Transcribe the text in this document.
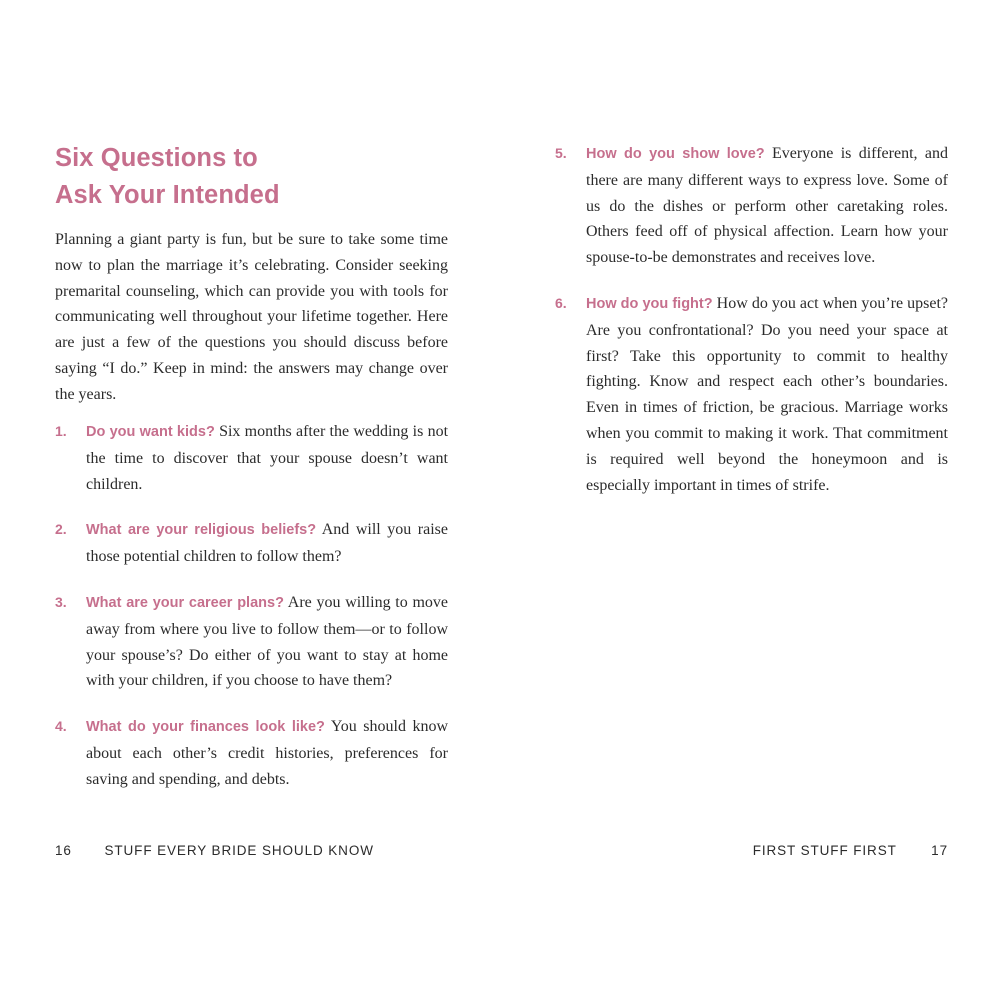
Six Questions to
Ask Your Intended

Planning a giant party is fun, but be sure to take some time now to plan the marriage it’s celebrating. Consider seeking premarital counseling, which can provide you with tools for communicating well throughout your lifetime together. Here are just a few of the questions you should discuss before saying “I do.” Keep in mind: the answers may change over the years.

1. Do you want kids? Six months after the wedding is not the time to discover that your spouse doesn’t want children.
2. What are your religious beliefs? And will you raise those potential children to follow them?
3. What are your career plans? Are you willing to move away from where you live to follow them—or to follow your spouse’s? Do either of you want to stay at home with your children, if you choose to have them?
4. What do your finances look like? You should know about each other’s credit histories, preferences for saving and spending, and debts.
5. How do you show love? Everyone is different, and there are many different ways to express love. Some of us do the dishes or perform other caretaking roles. Others feed off of physical affection. Learn how your spouse-to-be demonstrates and receives love.
6. How do you fight? How do you act when you’re upset? Are you confrontational? Do you need your space at first? Take this opportunity to commit to healthy fighting. Know and respect each other’s boundaries. Even in times of friction, be gracious. Marriage works when you commit to making it work. That commitment is required well beyond the honeymoon and is especially important in times of strife.
16 STUFF EVERY BRIDE SHOULD KNOW	FIRST STUFF FIRST	17
